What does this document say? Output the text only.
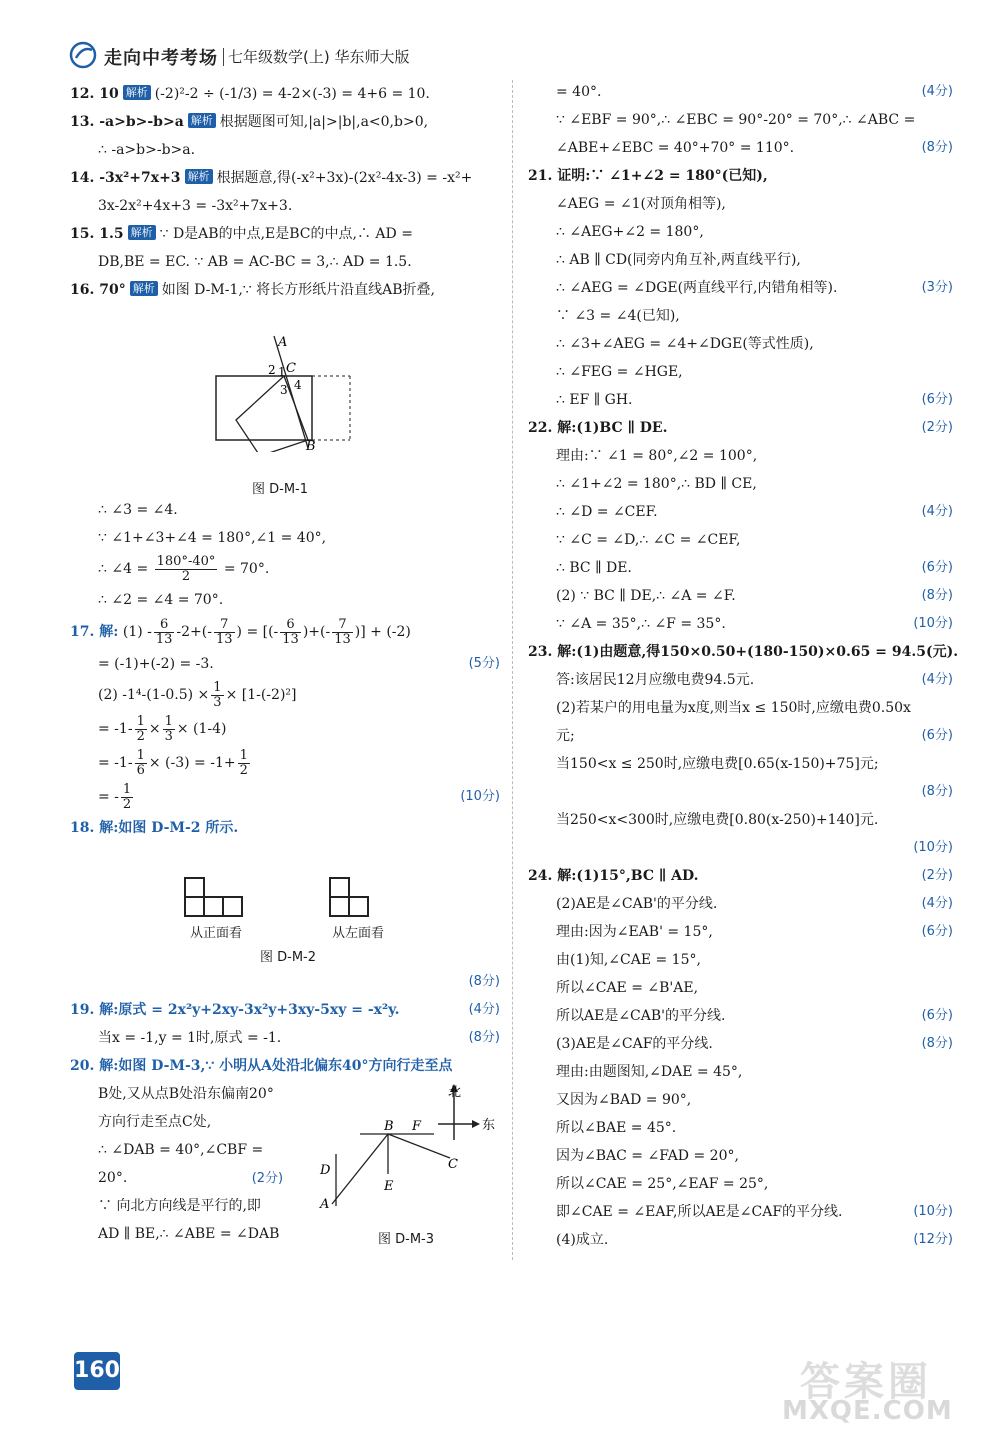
走向中考考场 七年级数学(上) 华东师大版
12. 10 解析 (-2)²-2 ÷ (-1/3) = 4-2×(-3) = 4+6 = 10.
13. -a>b>-b>a 解析 根据题图可知,|a|>|b|,a<0,b>0,
∴ -a>b>-b>a.
14. -3x²+7x+3 解析 根据题意,得(-x²+3x)-(2x²-4x-3) = -x²+
3x-2x²+4x+3 = -3x²+7x+3.
15. 1.5 解析 ∵ D是AB的中点,E是BC的中点,∴ AD =
DB,BE = EC. ∵ AB = AC-BC = 3,∴ AD = 1.5.
16. 70° 解析 如图 D-M-1,∵ 将长方形纸片沿直线AB折叠,
A
C
B
2 1
3 4
图 D-M-1
∴ ∠3 = ∠4.
∵ ∠1+∠3+∠4 = 180°,∠1 = 40°,
∴ ∠4 = $\frac{180^\circ-40^\circ}{2} = 70^\circ$.
∴ ∠2 = ∠4 = 70°.
17. 解: $(1) - \frac{6}{13} -2+(- \frac{7}{13}$ ) = [(- $\frac{6}{13}$ )+(- $\frac{7}{13}$ )] + (-2)
= (-1)+(-2) = -3.	(5分)
(2) $-1^4-(1-0.5) \times \frac{1}{3} \times [1-(-2)^2]$
= $-1- \frac{1}{2} \times \frac{1}{3} \times (1-4)$
= $-1- \frac{1}{6} \times (-3) = -1+ \frac{1}{2}$
= - $\frac{1}{2}$	(10分)
18. 解:如图 D-M-2 所示.
从正面看	从左面看
图 D-M-2
(8分)
19. 解:原式 = 2x²y+2xy-3x²y+3xy-5xy = -x²y.	(4分)
当x = -1,y = 1时,原式 = -1.	(8分)
20. 解:如图 D-M-3,∵ 小明从A处沿北偏东40°方向行走至点
B处,又从点B处沿东偏南20°
方向行走至点C处,
∴ ∠DAB = 40°,∠CBF =
20°.	(2分)
∵ 向北方向线是平行的,即
AD ∥ BE,∴ ∠ABE = ∠DAB
北
东
B F
C
D
E
A
图 D-M-3
= 40°.	(4分)
∵ ∠EBF = 90°,∴ ∠EBC = 90°-20° = 70°,∴ ∠ABC =
∠ABE+∠EBC = 40°+70° = 110°.	(8分)
21. 证明:∵ ∠1+∠2 = 180°(已知),
∠AEG = ∠1(对顶角相等),
∴ ∠AEG+∠2 = 180°,
∴ AB ∥ CD(同旁内角互补,两直线平行),
∴ ∠AEG = ∠DGE(两直线平行,内错角相等).	(3分)
∵ ∠3 = ∠4(已知),
∴ ∠3+∠AEG = ∠4+∠DGE(等式性质),
∴ ∠FEG = ∠HGE,
∴ EF ∥ GH.	(6分)
22. 解:(1)BC ∥ DE.	(2分)
理由:∵ ∠1 = 80°,∠2 = 100°,
∴ ∠1+∠2 = 180°,∴ BD ∥ CE,
∴ ∠D = ∠CEF.	(4分)
∵ ∠C = ∠D,∴ ∠C = ∠CEF,
∴ BC ∥ DE.	(6分)
(2) ∵ BC ∥ DE,∴ ∠A = ∠F.	(8分)
∵ ∠A = 35°,∴ ∠F = 35°.	(10分)
23. 解:(1)由题意,得150×0.50+(180-150)×0.65 = 94.5(元).
答:该居民12月应缴电费94.5元.	(4分)
(2)若某户的用电量为x度,则当x ≤ 150时,应缴电费0.50x
元;	(6分)
当150<x ≤ 250时,应缴电费[0.65(x-150)+75]元;
(8分)
当250<x<300时,应缴电费[0.80(x-250)+140]元.
(10分)
24. 解:(1)15°,BC ∥ AD.	(2分)
(2)AE是∠CAB'的平分线.	(4分)
理由:因为∠EAB' = 15°,	(6分)
由(1)知,∠CAE = 15°,
所以∠CAE = ∠B'AE,
所以AE是∠CAB'的平分线.	(6分)
(3)AE是∠CAF的平分线.	(8分)
理由:由题图知,∠DAE = 45°,
又因为∠BAD = 90°,
所以∠BAE = 45°.
因为∠BAC = ∠FAD = 20°,
所以∠CAE = 25°,∠EAF = 25°,
即∠CAE = ∠EAF,所以AE是∠CAF的平分线.	(10分)
(4)成立.	(12分)
160	答案圈
MXQE.COM
